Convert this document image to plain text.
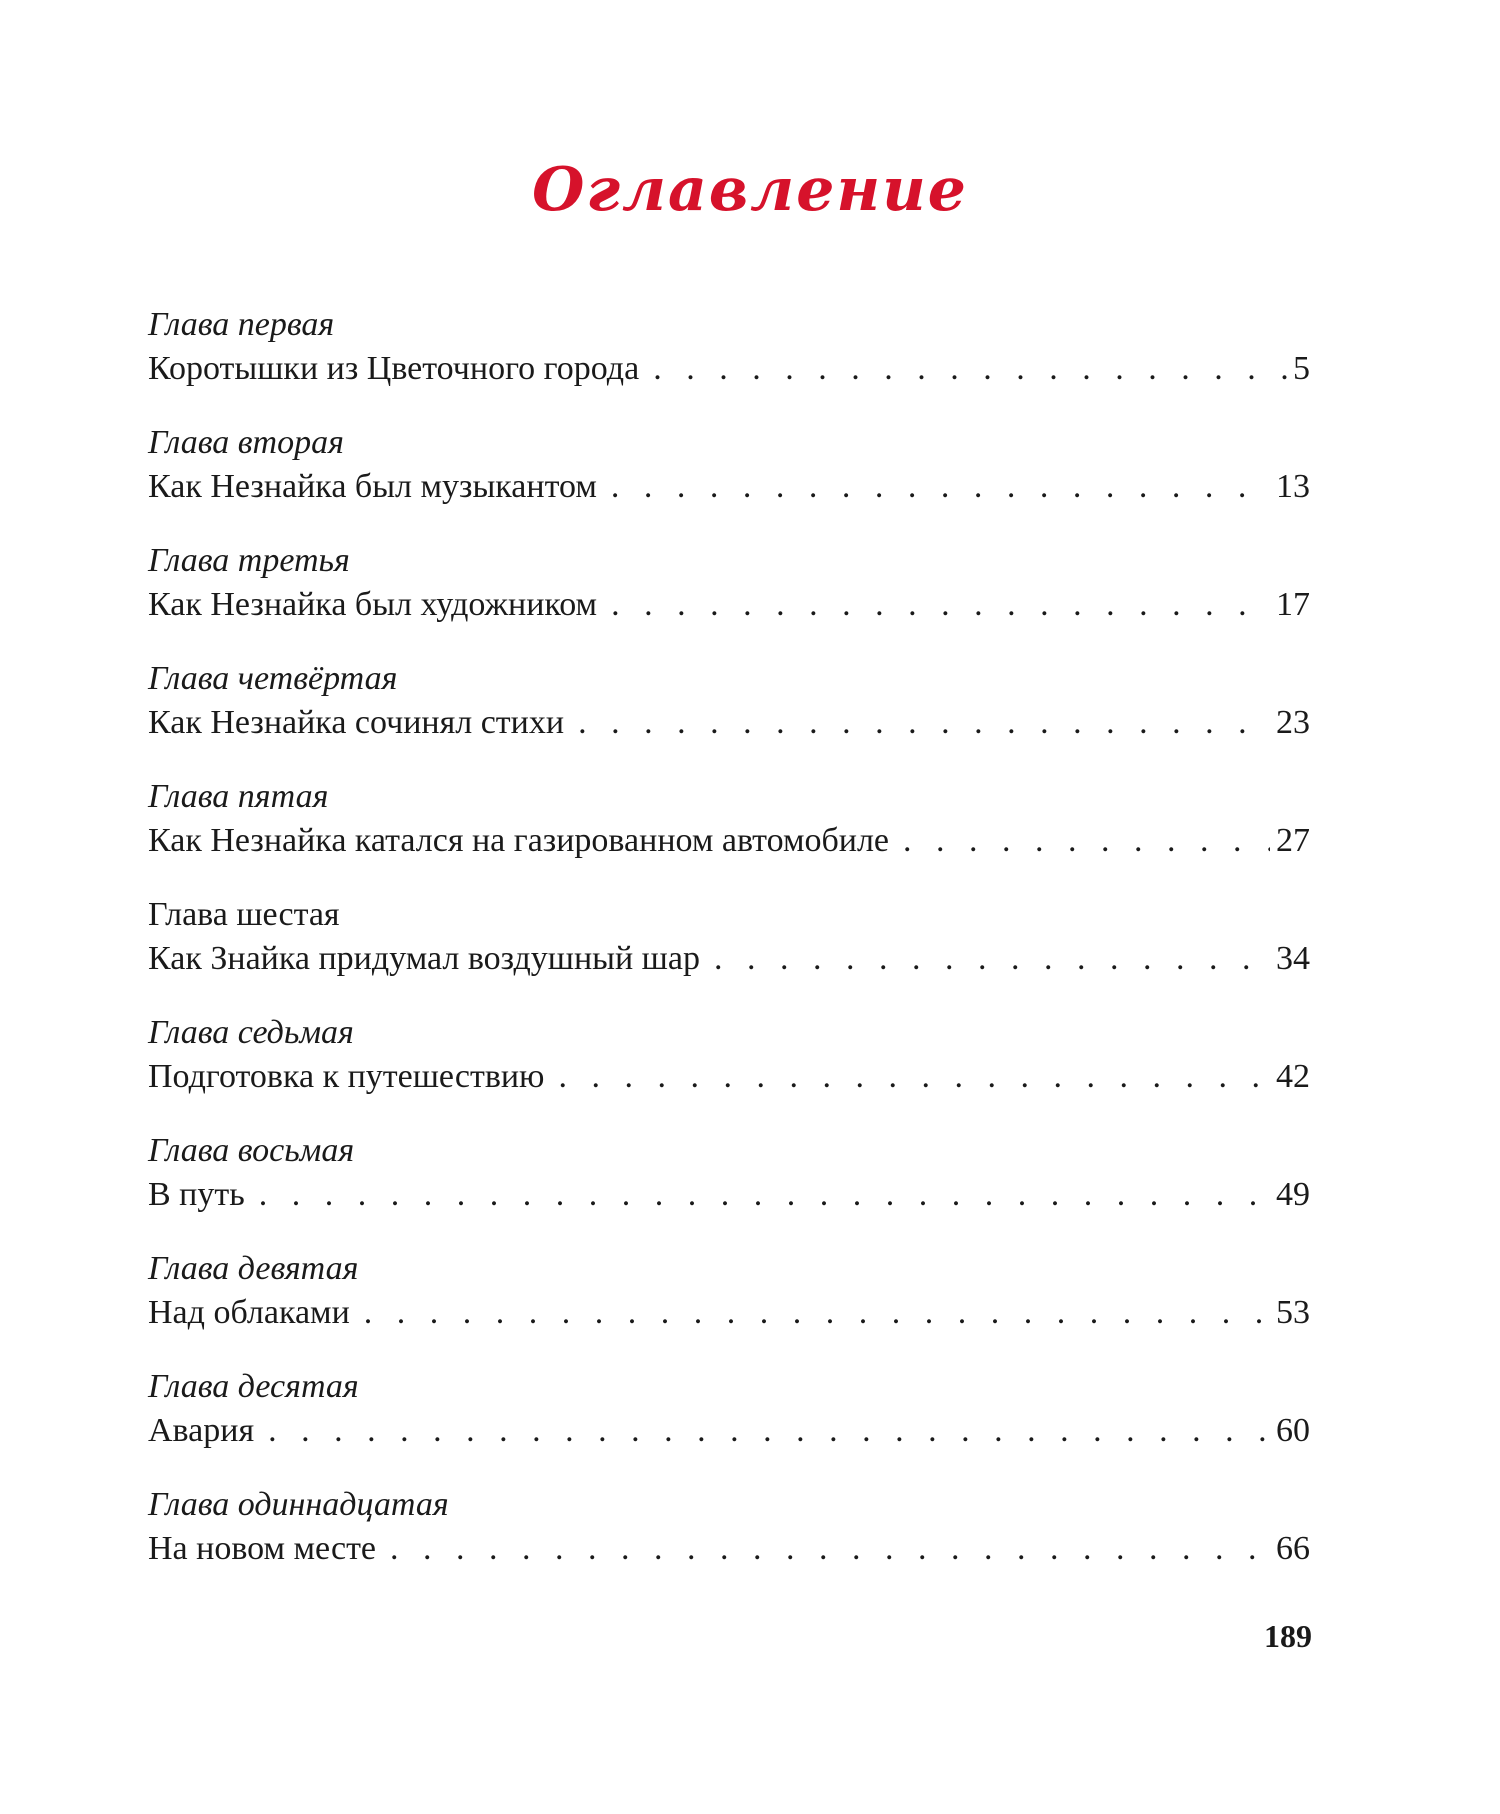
Оглавление
Глава первая
Коротышки из Цветочного города . . .	5
Глава вторая
Как Незнайка был музыкантом . . .	13
Глава третья
Как Незнайка был художником . . .	17
Глава четвёртая
Как Незнайка сочинял стихи . . .	23
Глава пятая
Как Незнайка катался на газированном автомобиле . . .	27
Глава шестая
Как Знайка придумал воздушный шар . . .	34
Глава седьмая
Подготовка к путешествию . . .	42
Глава восьмая
В путь . . .	49
Глава девятая
Над облаками . . .	53
Глава десятая
Авария . . .	60
Глава одиннадцатая
На новом месте . . .	66

189
